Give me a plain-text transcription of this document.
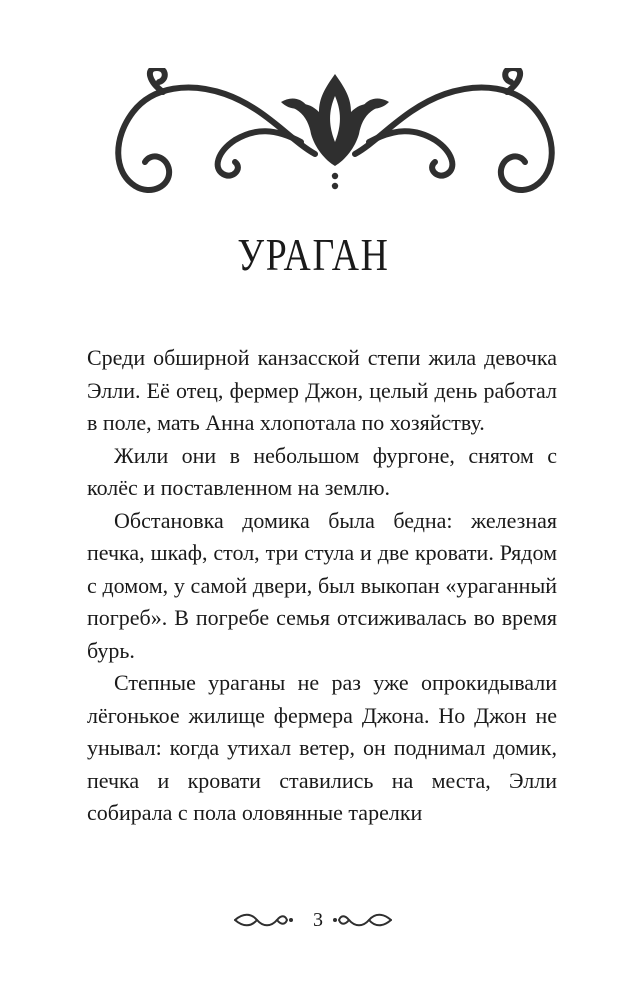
УРАГАН

Среди обширной канзасской степи жила девочка Элли. Её отец, фермер Джон, целый день работал в поле, мать Анна хлопотала по хозяйству.

Жили они в небольшом фургоне, снятом с колёс и поставленном на землю.

Обстановка домика была бедна: железная печка, шкаф, стол, три стула и две кровати. Рядом с домом, у самой двери, был выкопан «ураганный погреб». В погребе семья отсиживалась во время бурь.

Степные ураганы не раз уже опрокидывали лёгонькое жилище фермера Джона. Но Джон не унывал: когда утихал ветер, он поднимал домик, печка и кровати ставились на места, Элли собирала с пола оловянные тарелки

3
